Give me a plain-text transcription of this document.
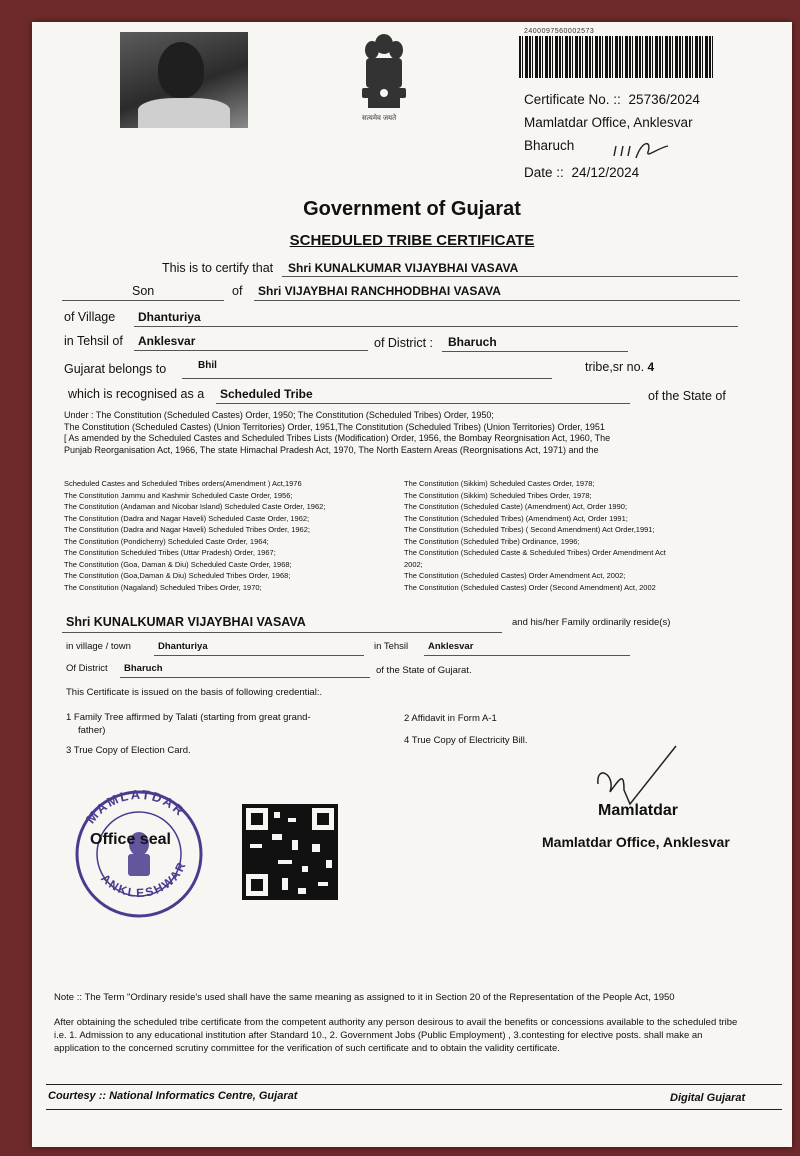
सत्यमेव जयते
2400097560002573
Certificate No. :: 25736/2024
Mamlatdar Office, Anklesvar
Bharuch
Date :: 24/12/2024
Government of Gujarat
SCHEDULED TRIBE CERTIFICATE
This is to certify that Shri KUNALKUMAR VIJAYBHAI VASAVA
Son	of Shri VIJAYBHAI RANCHHODBHAI VASAVA
of Village Dhanturiya
in Tehsil of Anklesvar	of District : Bharuch
Gujarat belongs to	Bhil	tribe,sr no. 4
which is recognised as a Scheduled Tribe	of the State of
Under : The Constitution (Scheduled Castes) Order, 1950; The Constitution (Scheduled Tribes) Order, 1950;
The Constitution (Scheduled Castes) (Union Territories) Order, 1951,The Constitution (Scheduled Tribes) (Union Territories) Order, 1951
[ As amended by the Scheduled Castes and Scheduled Tribes Lists (Modification) Order, 1956, the Bombay Reorgnisation Act, 1960, The
Punjab Reorganisation Act, 1966, The state Himachal Pradesh Act, 1970, The North Eastern Areas (Reorgnisations Act, 1971) and the
Scheduled Castes and Scheduled Tribes orders(Amendment ) Act,1976
The Constitution Jammu and Kashmir Scheduled Caste Order, 1956;
The Constitution (Andaman and Nicobar Island) Scheduled Caste Order, 1962;
The Constitution (Dadra and Nagar Haveli) Scheduled Caste Order, 1962;
The Constitution (Dadra and Nagar Haveli) Scheduled Tribes Order, 1962;
The Constitution (Pondicherry) Scheduled Caste Order, 1964;
The Constitution Scheduled Tribes (Uttar Pradesh) Order, 1967;
The Constitution (Goa, Daman & Diu) Scheduled Caste Order, 1968;
The Constitution (Goa,Daman & Diu) Scheduled Tribes Order, 1968;
The Constitution (Nagaland) Scheduled Tribes Order, 1970;
The Constitution (Sikkim) Scheduled Castes Order, 1978;
The Constitution (Sikkim) Scheduled Tribes Order, 1978;
The Constitution (Scheduled Caste) (Amendment) Act, Order 1990;
The Constitution (Scheduled Tribes) (Amendment) Act, Order 1991;
The Constitution (Scheduled Tribes) ( Second Amendment) Act Order,1991;
The Constitution (Scheduled Tribe) Ordinance, 1996;
The Constitution (Scheduled Caste & Scheduled Tribes) Order Amendment Act
2002;
The Constitution (Scheduled Castes) Order Amendment Act, 2002;
The Constitution (Scheduled Castes) Order (Second Amendment) Act, 2002
Shri KUNALKUMAR VIJAYBHAI VASAVA	and his/her Family ordinarily reside(s)
in village / town	Dhanturiya	in Tehsil Anklesvar
Of District Bharuch	of the State of Gujarat.
This Certificate is issued on the basis of following credential:.
1 Family Tree affirmed by Talati (starting from great grand-
father)
2 Affidavit in Form A-1
3 True Copy of Election Card.
4 True Copy of Electricity Bill.
MAMLATDAR
ANKLESHWAR
Office seal
Mamlatdar
Mamlatdar Office, Anklesvar
Note :: The Term "Ordinary reside's used shall have the same meaning as assigned to it in Section 20 of the Representation of the People Act, 1950
After obtaining the scheduled tribe certificate from the competent authority any person desirous to avail the benefits or concessions available to the scheduled tribe i.e. 1. Admission to any educational institution after Standard 10., 2. Government Jobs (Public Employment) , 3.contesting for elective posts. shall make an application to the concerned scrutiny committee for the verification of such certificate and to obtain the validity certificate.
Courtesy :: National Informatics Centre, Gujarat	Digital Gujarat
